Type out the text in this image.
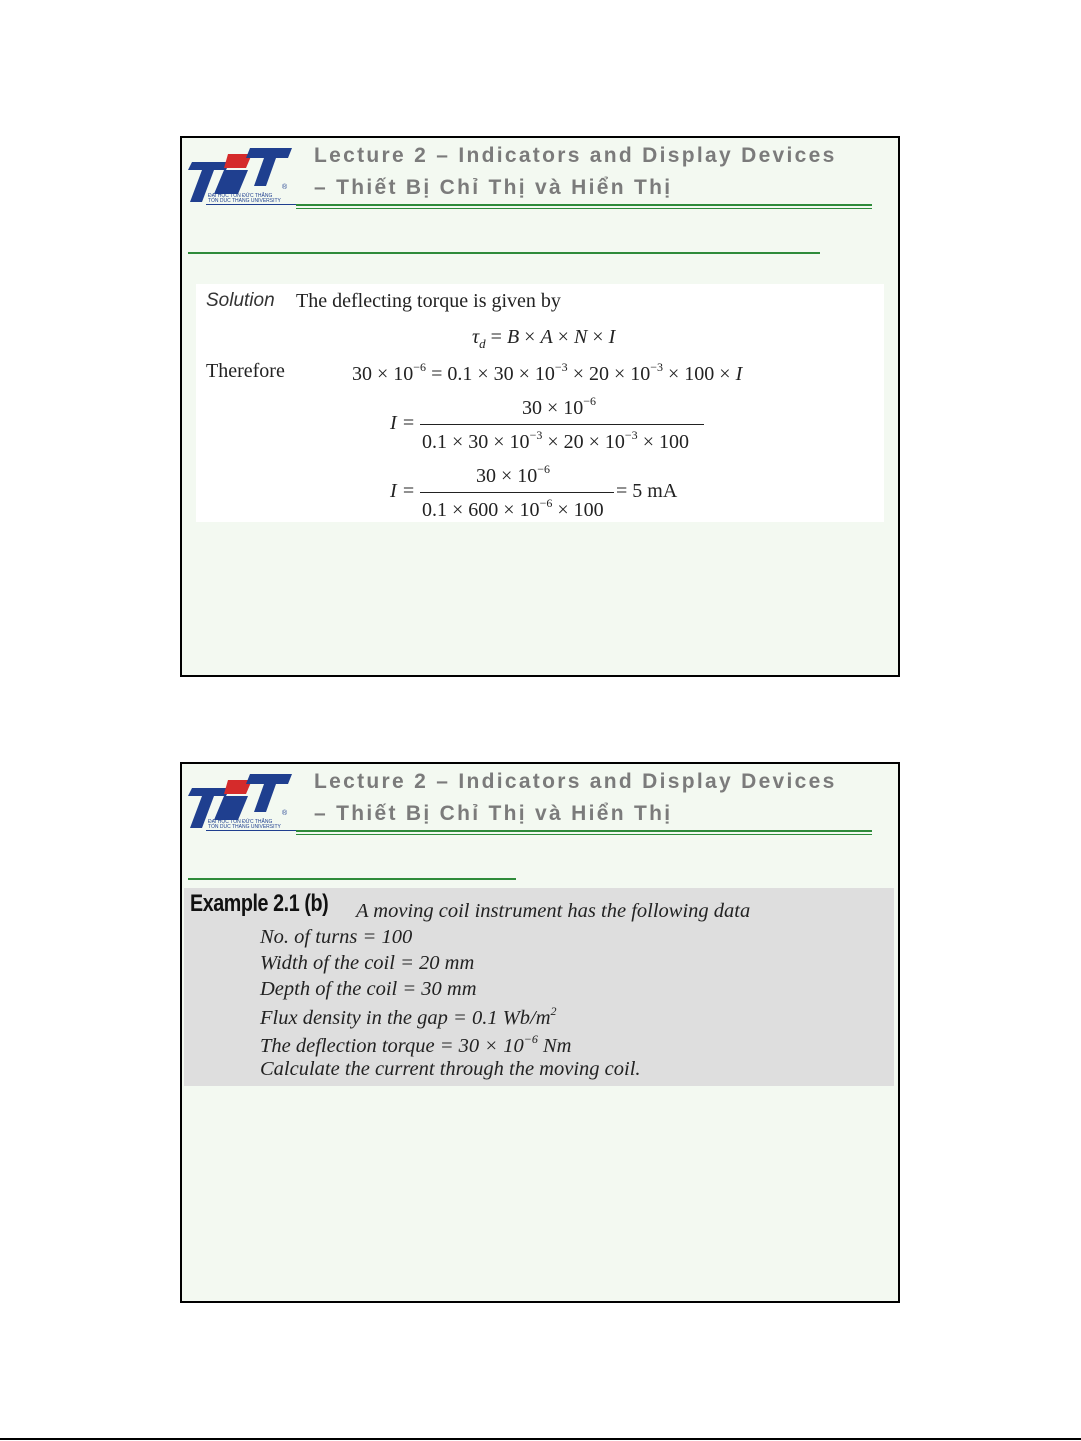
ĐẠI HỌC TÔN ĐỨC THẮNG
TON DUC THANG UNIVERSITY
®
Lecture 2 – Indicators and Display Devices
– Thiết Bị Chỉ Thị và Hiển Thị
Solution The deflecting torque is given by
$\tau_d = B \times A \times N \times I$
Therefore	$30 \times 10^{-6} = 0.1 \times 30 \times 10^{-3} \times 20 \times 10^{-3} \times 100 \times I$
I =
$30 \times 10^{-6}$
$0.1 \times 30 \times 10^{-3} \times 20 \times 10^{-3} \times 100$
I =
$30 \times 10^{-6}$
= 5 mA
$0.1 \times 600 \times 10^{-6} \times 100$
ĐẠI HỌC TÔN ĐỨC THẮNG
TON DUC THANG UNIVERSITY
®
Lecture 2 – Indicators and Display Devices
– Thiết Bị Chỉ Thị và Hiển Thị
Example 2.1 (b) A moving coil instrument has the following data
No. of turns = 100
Width of the coil = 20 mm
Depth of the coil = 30 mm
Flux density in the gap = 0.1 $Wb/m^2$
The deflection torque = $30 \times 10^{-6}$ Nm
Calculate the current through the moving coil.
